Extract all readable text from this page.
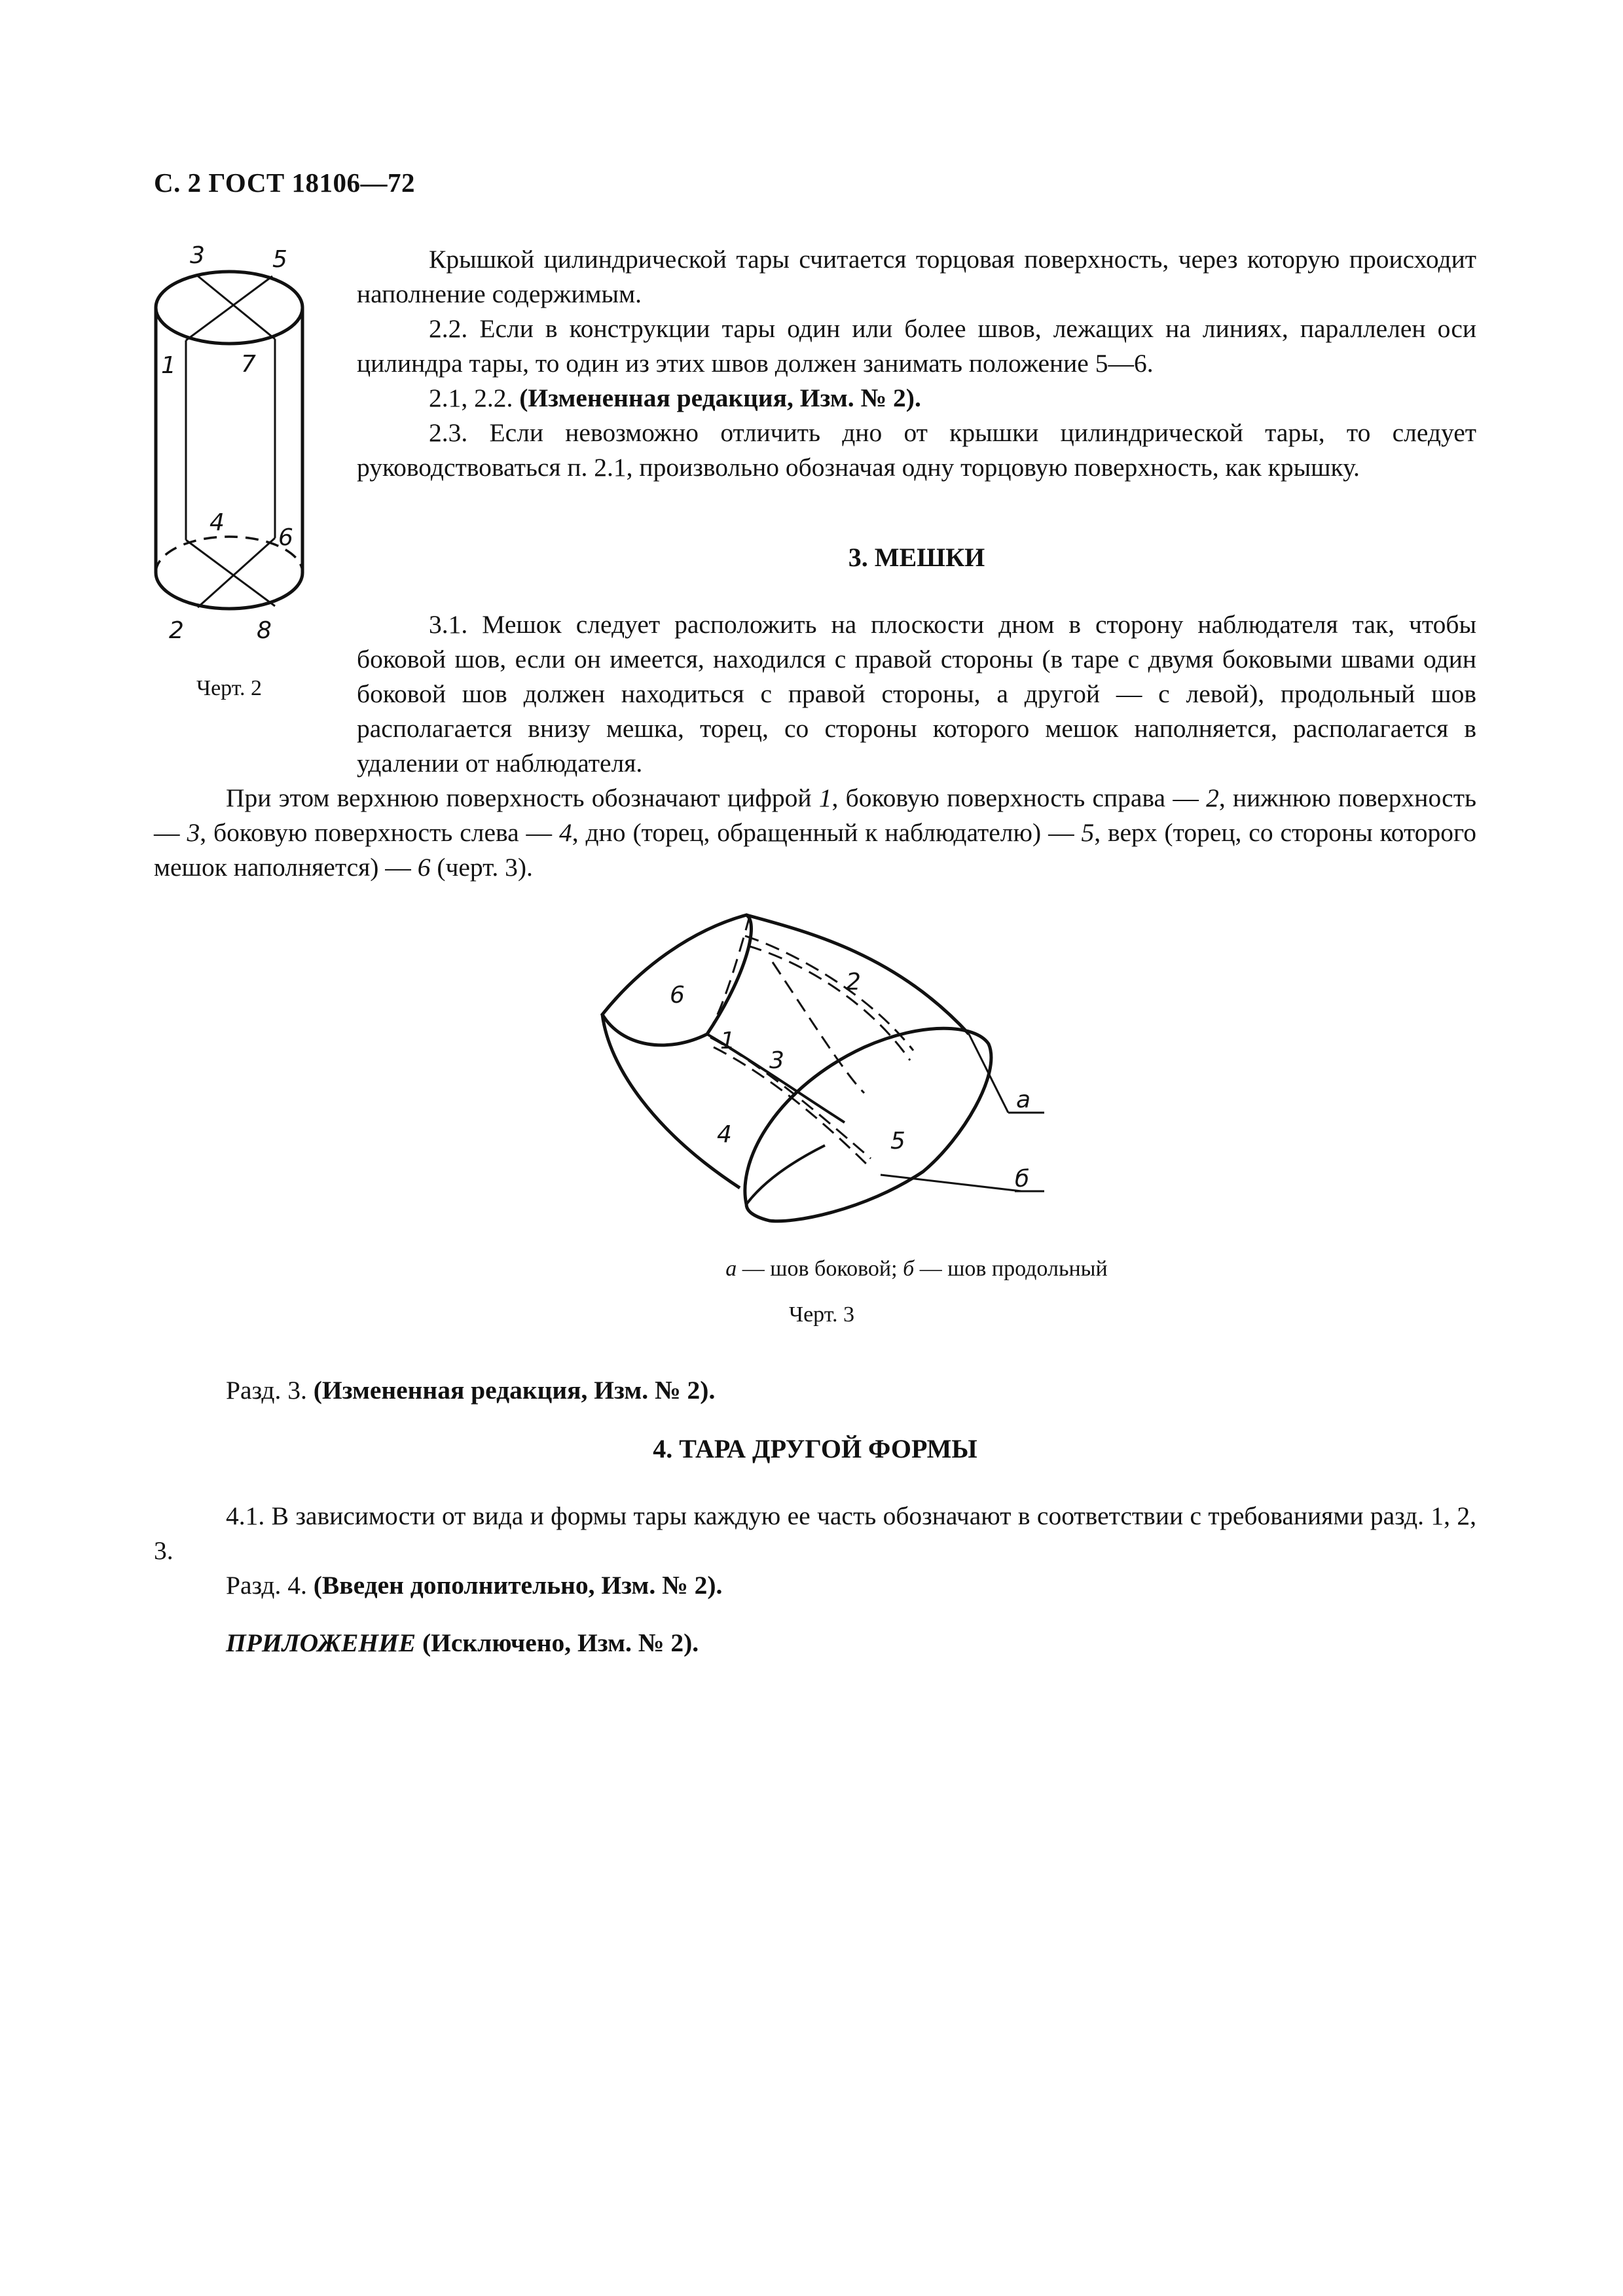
С. 2 ГОСТ 18106—72
3	5
1	7
4
6
2	8
Черт. 2

Крышкой цилиндрической тары считается торцовая поверхность, через которую происходит наполнение содержимым.

2.2. Если в конструкции тары один или более швов, лежащих на линиях, параллелен оси цилиндра тары, то один из этих швов должен занимать положение 5—6.

2.1, 2.2. (Измененная редакция, Изм. № 2).

2.3. Если невозможно отличить дно от крышки цилиндрической тары, то следует руководствоваться п. 2.1, произвольно обозначая одну торцовую поверхность, как крышку.

3. МЕШКИ

3.1. Мешок следует расположить на плоскости дном в сторону наблюдателя так, чтобы боковой шов, если он имеется, находился с правой стороны (в таре с двумя боковыми швами один боковой шов должен находиться с правой стороны, а другой — с левой), продольный шов располагается внизу мешка, торец, со стороны которого мешок наполняется, располагается в удалении от наблюдателя.

При этом верхнюю поверхность обозначают цифрой 1, боковую поверхность справа — 2, нижнюю поверхность — 3, боковую поверхность слева — 4, дно (торец, обращенный к наблюдателю) — 5, верх (торец, со стороны которого мешок наполняется) — 6 (черт. 3).

6	2
1
3
4	5
а
б
а — шов боковой; б — шов продольный
Черт. 3
Разд. 3. (Измененная редакция, Изм. № 2).
4. ТАРА ДРУГОЙ ФОРМЫ

4.1. В зависимости от вида и формы тары каждую ее часть обозначают в соответствии с требованиями разд. 1, 2, 3.

Разд. 4. (Введен дополнительно, Изм. № 2).

ПРИЛОЖЕНИЕ (Исключено, Изм. № 2).
